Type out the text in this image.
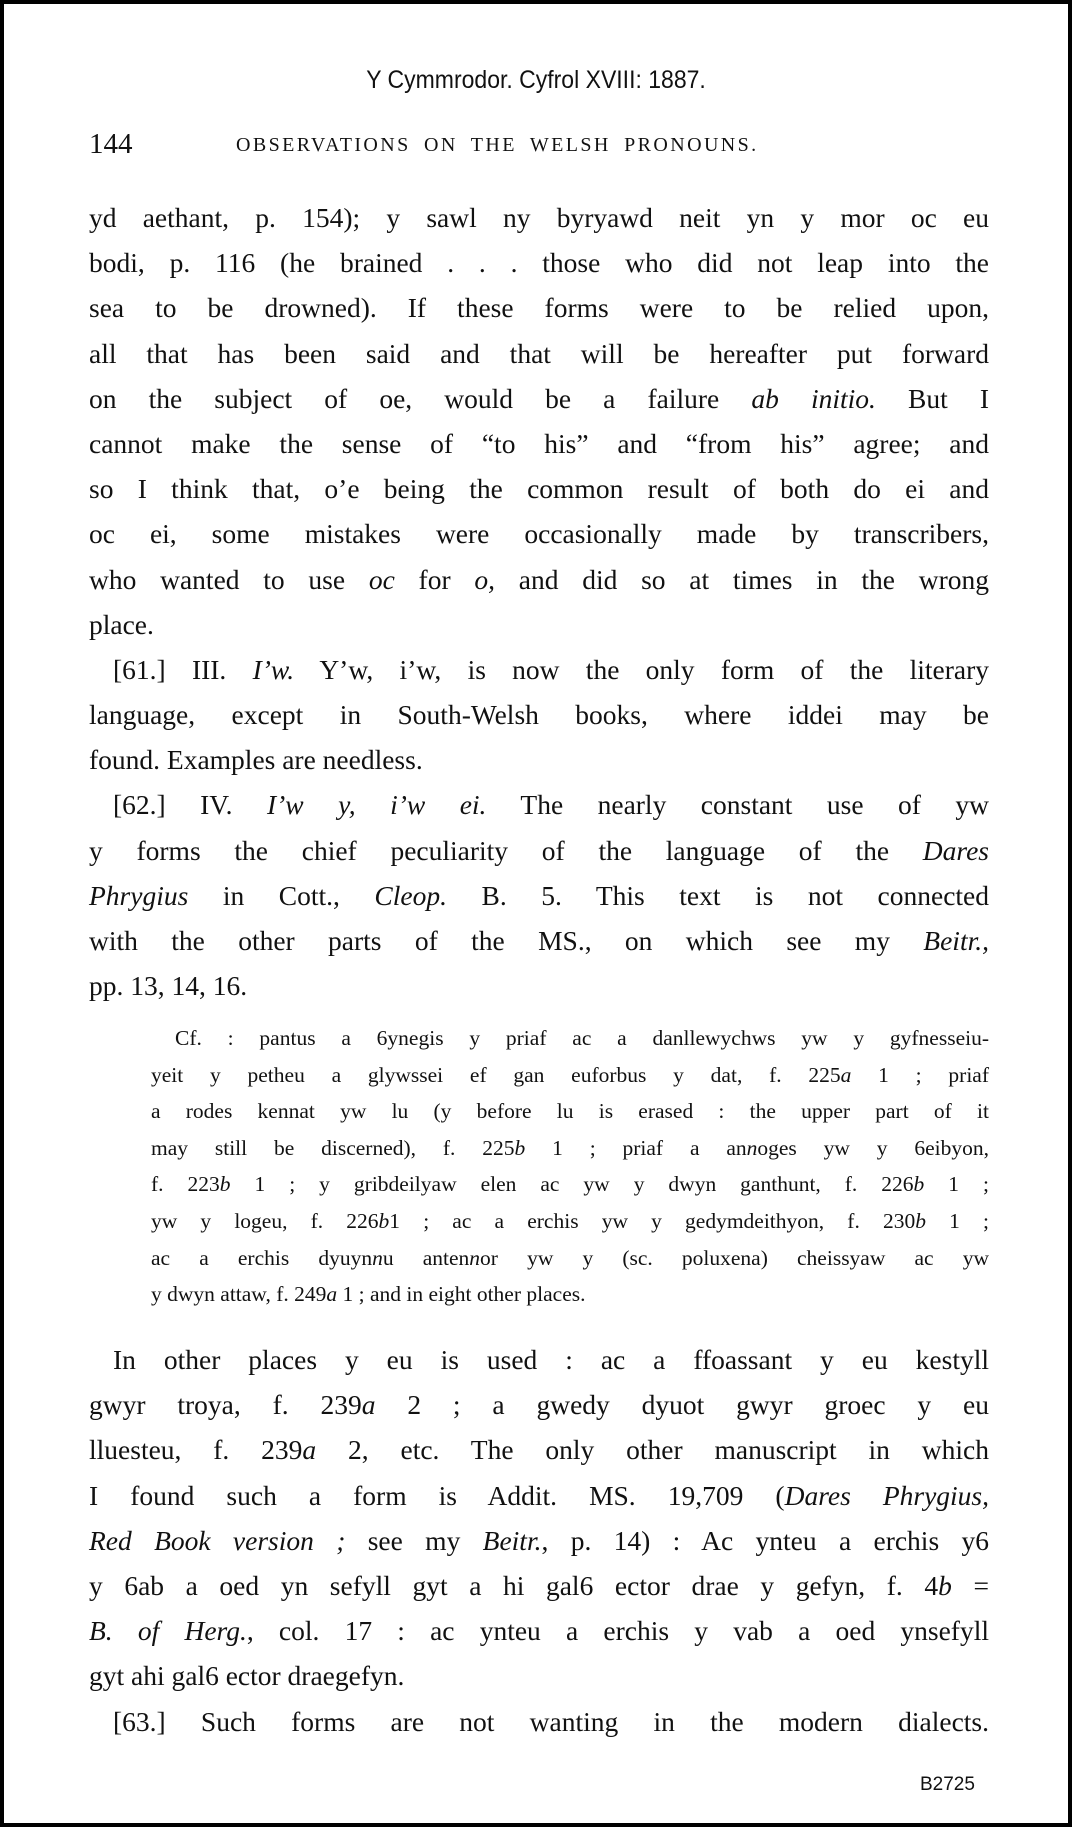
Y Cymmrodor. Cyfrol XVIII: 1887.
144	OBSERVATIONS ON THE WELSH PRONOUNS.
yd aethant, p. 154); y sawl ny byryawd neit yn y mor oc eu
bodi, p. 116 (he brained . . . those who did not leap into the
sea to be drowned). If these forms were to be relied upon,
all that has been said and that will be hereafter put forward
on the subject of oe, would be a failure ab initio. But I
cannot make the sense of “to his” and “from his” agree; and
so I think that, o’e being the common result of both do ei and
oc ei, some mistakes were occasionally made by transcribers,
who wanted to use oc for o, and did so at times in the wrong
place.
[61.] III. I’w. Y’w, i’w, is now the only form of the literary
language, except in South-Welsh books, where iddei may be
found. Examples are needless.
[62.] IV. I’w y, i’w ei. The nearly constant use of yw
y forms the chief peculiarity of the language of the Dares
Phrygius in Cott., Cleop. B. 5. This text is not connected
with the other parts of the MS., on which see my Beitr.,
pp. 13, 14, 16.
Cf. : pantus a 6ynegis y priaf ac a danllewychws yw y gyfnesseiu-
yeit y petheu a glywssei ef gan euforbus y dat, f. 225a 1 ; priaf
a rodes kennat yw lu (y before lu is erased : the upper part of it
may still be discerned), f. 225b 1 ; priaf a annoges yw y 6eibyon,
f. 223b 1 ; y gribdeilyaw elen ac yw y dwyn ganthunt, f. 226b 1 ;
yw y logeu, f. 226b1 ; ac a erchis yw y gedymdeithyon, f. 230b 1 ;
ac a erchis dyuynnu antennor yw y (sc. poluxena) cheissyaw ac yw
y dwyn attaw, f. 249a 1 ; and in eight other places.
In other places y eu is used : ac a ffoassant y eu kestyll
gwyr troya, f. 239a 2 ; a gwedy dyuot gwyr groec y eu
lluesteu, f. 239a 2, etc. The only other manuscript in which
I found such a form is Addit. MS. 19,709 (Dares Phrygius,
Red Book version ; see my Beitr., p. 14) : Ac ynteu a erchis y6
y 6ab a oed yn sefyll gyt a hi gal6 ector drae y gefyn, f. 4b =
B. of Herg., col. 17 : ac ynteu a erchis y vab a oed ynsefyll
gyt ahi gal6 ector draegefyn.
[63.] Such forms are not wanting in the modern dialects.
B2725
